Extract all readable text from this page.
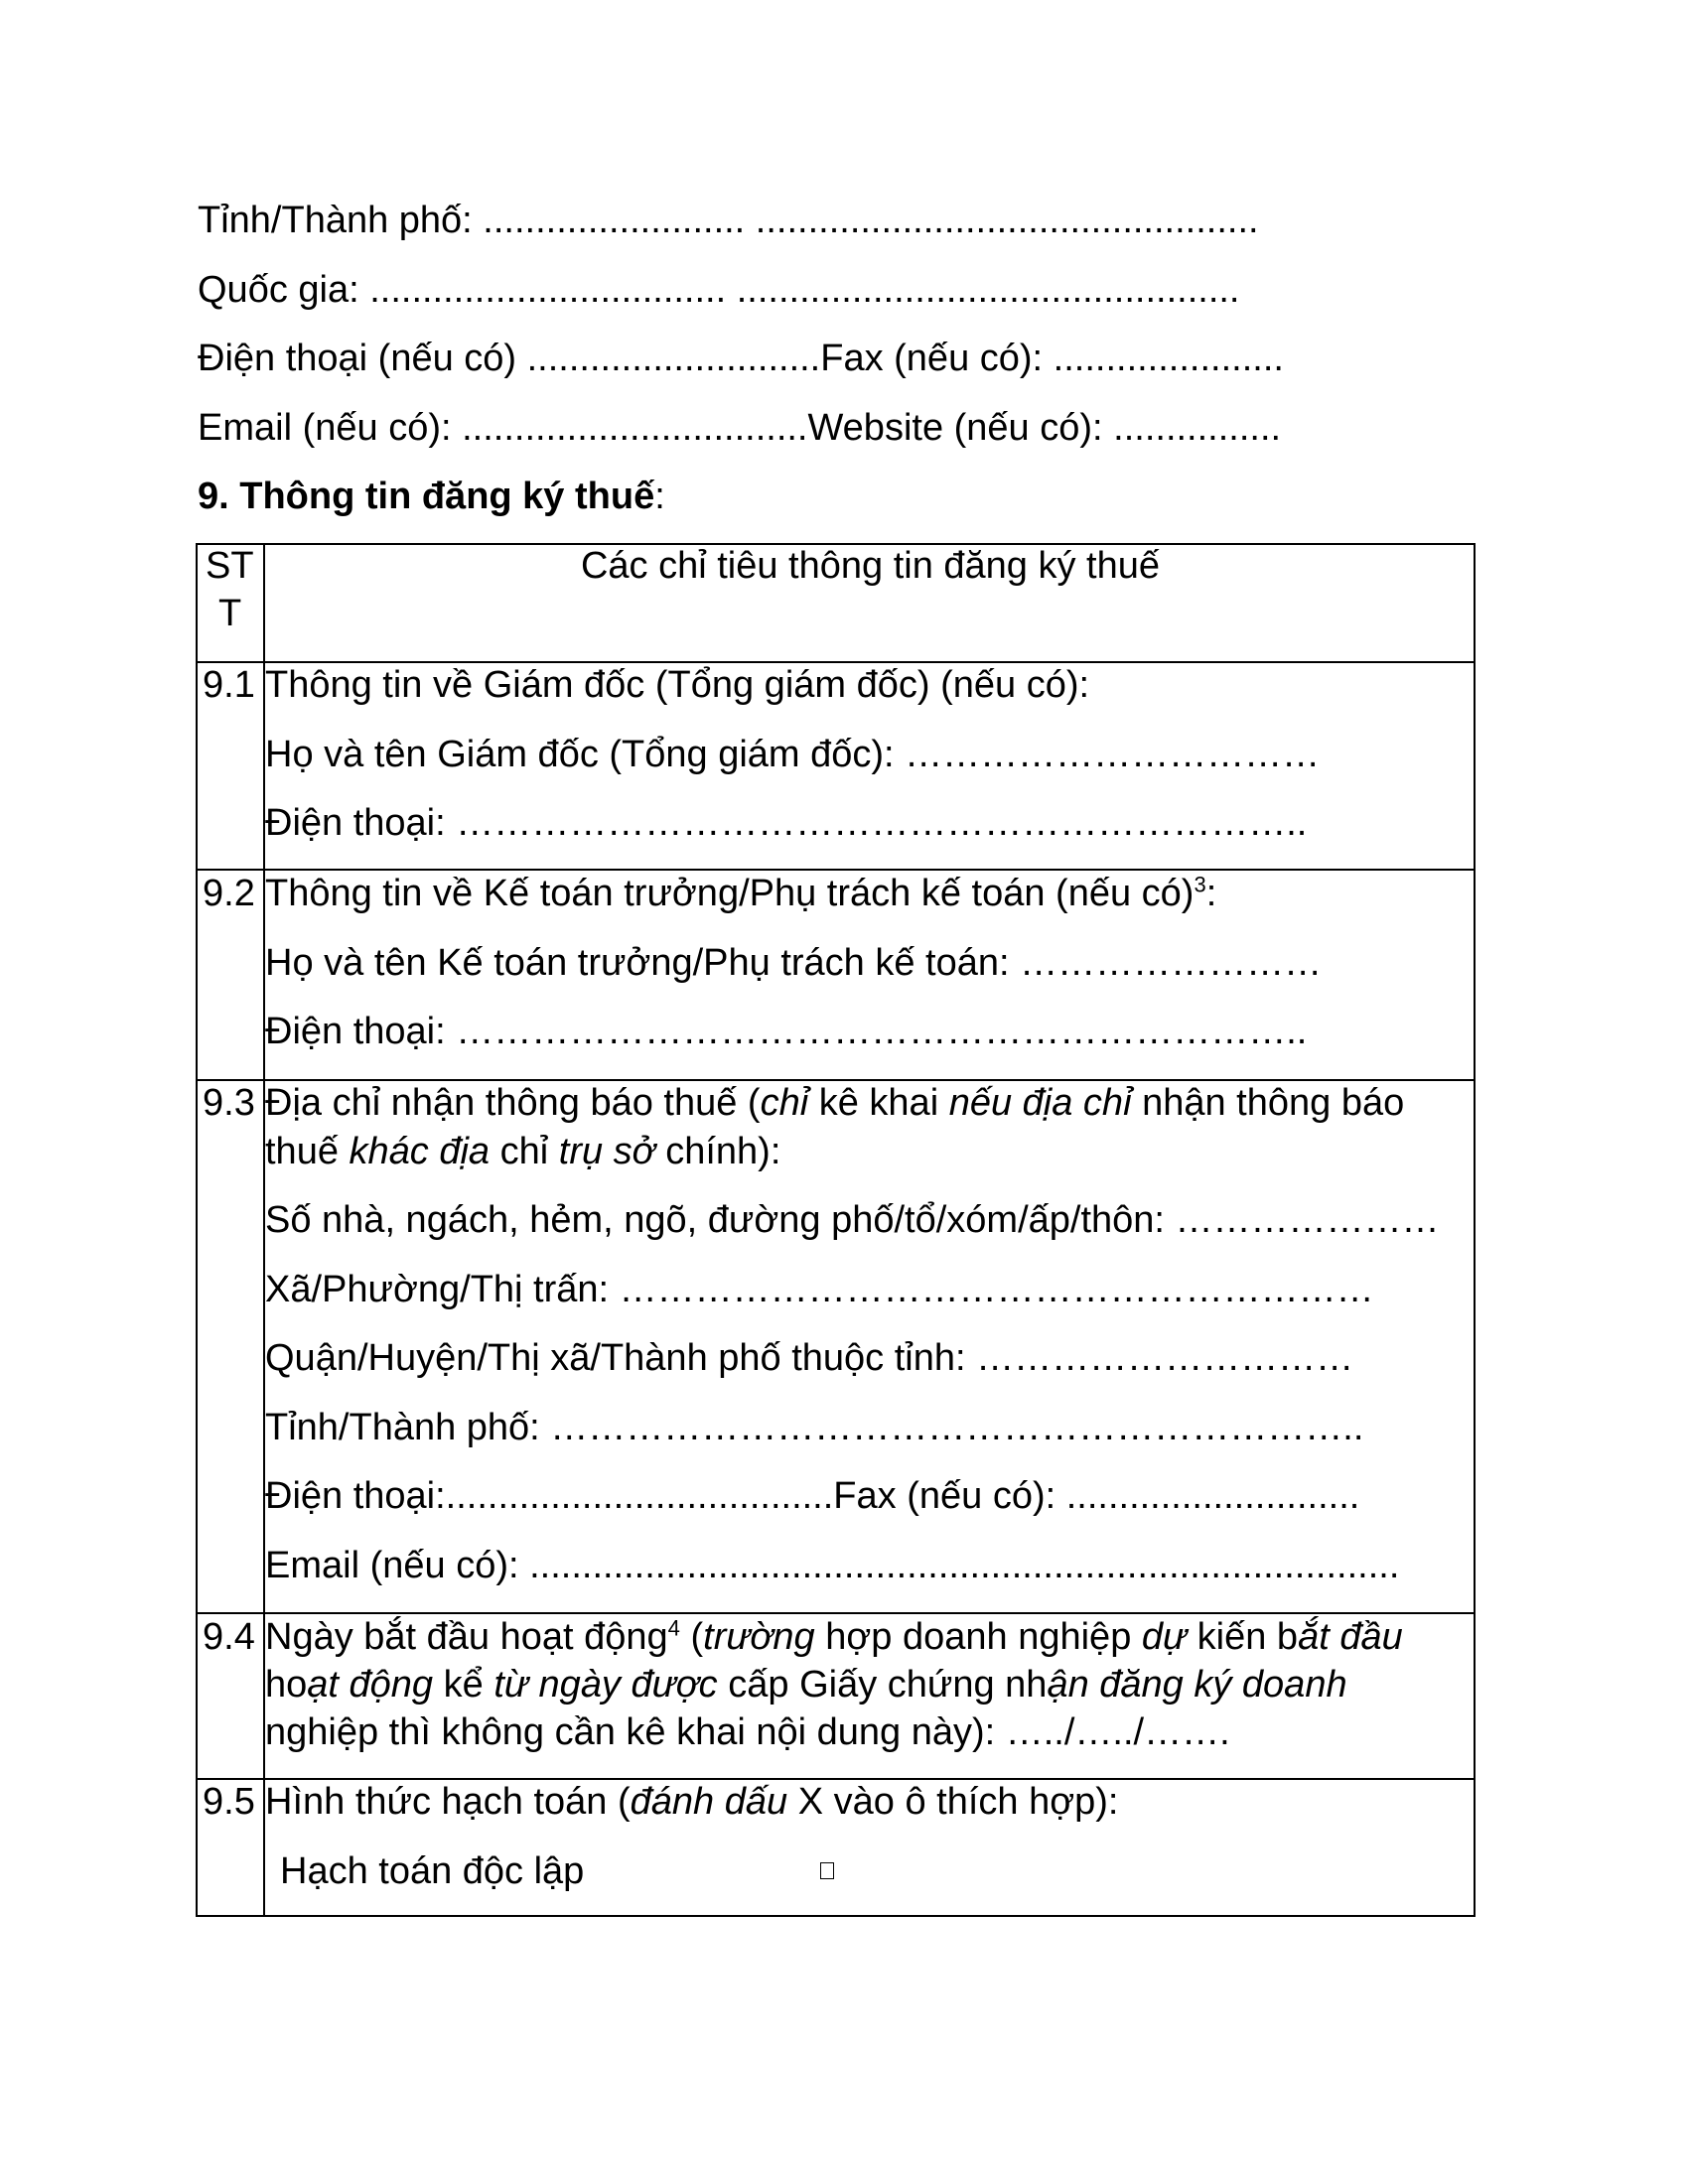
Tỉnh/Thành phố: ......................... ................................................
Quốc gia: .................................. ................................................
Điện thoại (nếu có) ............................Fax (nếu có): ......................
Email (nếu có): .................................Website (nếu có): ................
9. Thông tin đăng ký thuế:
ST
T
Các chỉ tiêu thông tin đăng ký thuế
9.1 Thông tin về Giám đốc (Tổng giám đốc) (nếu có):
Họ và tên Giám đốc (Tổng giám đốc): ……………………………
Điện thoại: …………………………………………………………..
9.2 Thông tin về Kế toán trưởng/Phụ trách kế toán (nếu có)$^3$:
Họ và tên Kế toán trưởng/Phụ trách kế toán: ……………………
Điện thoại: …………………………………………………………..
9.3 Địa chỉ nhận thông báo thuế (chỉ kê khai nếu địa chỉ nhận thông báo
thuế khác địa chỉ trụ sở chính):
Số nhà, ngách, hẻm, ngõ, đường phố/tổ/xóm/ấp/thôn: …………………
Xã/Phường/Thị trấn: ……………………………………………………
Quận/Huyện/Thị xã/Thành phố thuộc tỉnh: …………………………
Tỉnh/Thành phố: ………………………………………………………..
Điện thoại:.....................................Fax (nếu có): ............................
Email (nếu có): ...................................................................................
9.4 Ngày bắt đầu hoạt động$^4$ (trường hợp doanh nghiệp dự kiến bắt đầu
hoạt động kể từ ngày được cấp Giấy chứng nhận đăng ký doanh
nghiệp thì không cần kê khai nội dung này): …../…../…….
9.5 Hình thức hạch toán (đánh dấu X vào ô thích hợp):
Hạch toán độc lập
